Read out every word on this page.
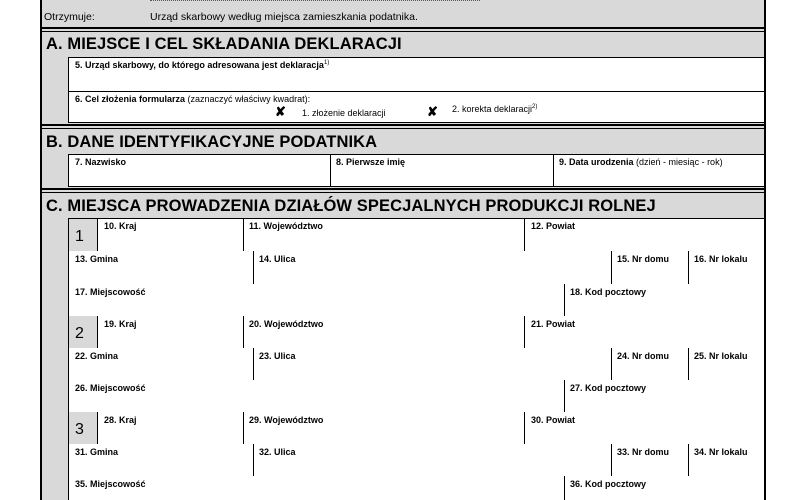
Otrzymuje:	Urząd skarbowy według miejsca zamieszkania podatnika.
A. MIEJSCE I CEL SKŁADANIA DEKLARACJI
5. Urząd skarbowy, do którego adresowana jest deklaracja$^{1)}$
6. Cel złożenia formularza (zaznaczyć właściwy kwadrat):
✘ 1. złożenie deklaracji	✘ 2. korekta deklaracji$^{2)}$
B. DANE IDENTYFIKACYJNE PODATNIKA
7. Nazwisko	8. Pierwsze imię	9. Data urodzenia (dzień - miesiąc - rok)
C. MIEJSCA PROWADZENIA DZIAŁÓW SPECJALNYCH PRODUKCJI ROLNEJ
1
10. Kraj	11. Województwo	12. Powiat
13. Gmina	14. Ulica	15. Nr domu	16. Nr lokalu
17. Miejscowość	18. Kod pocztowy
2
19. Kraj	20. Województwo	21. Powiat
22. Gmina	23. Ulica	24. Nr domu	25. Nr lokalu
26. Miejscowość	27. Kod pocztowy
3
28. Kraj	29. Województwo	30. Powiat
31. Gmina	32. Ulica	33. Nr domu	34. Nr lokalu
35. Miejscowość	36. Kod pocztowy
